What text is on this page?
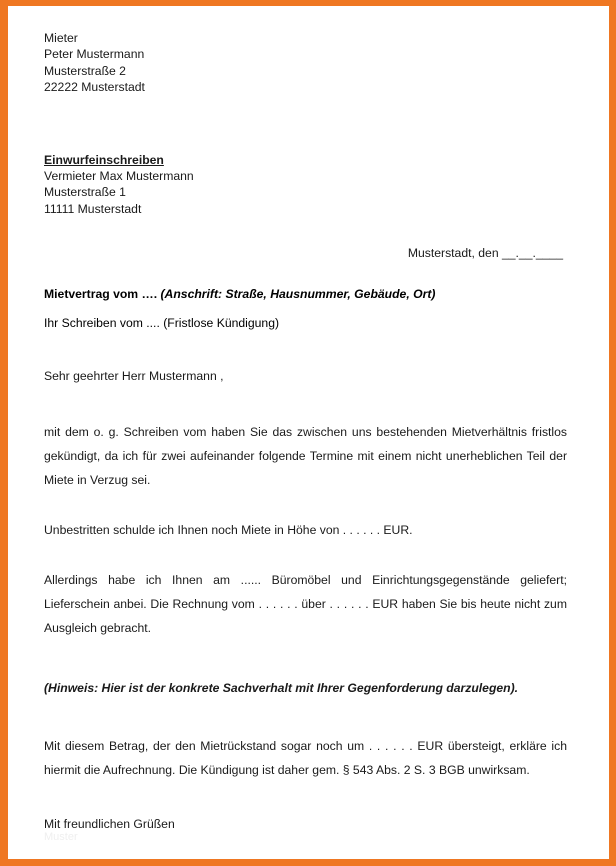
Mieter
Peter Mustermann
Musterstraße 2
22222 Musterstadt
Einwurfeinschreiben
Vermieter Max Mustermann
Musterstraße 1
11111 Musterstadt
Musterstadt, den __.__.____
Mietvertrag vom …. (Anschrift: Straße, Hausnummer, Gebäude, Ort)
Ihr Schreiben vom .... (Fristlose Kündigung)
Sehr geehrter Herr Mustermann ,
mit dem o. g. Schreiben vom haben Sie das zwischen uns bestehenden Mietverhältnis fristlos gekündigt, da ich für zwei aufeinander folgende Termine mit einem nicht unerheblichen Teil der Miete in Verzug sei.
Unbestritten schulde ich Ihnen noch Miete in Höhe von . . . . . . EUR.
Allerdings habe ich Ihnen am ...... Büromöbel und Einrichtungsgegenstände geliefert; Lieferschein anbei. Die Rechnung vom . . . . . . über . . . . . . EUR haben Sie bis heute nicht zum Ausgleich gebracht.
(Hinweis: Hier ist der konkrete Sachverhalt mit Ihrer Gegenforderung darzulegen).
Mit diesem Betrag, der den Mietrückstand sogar noch um . . . . . . EUR übersteigt, erkläre ich hiermit die Aufrechnung. Die Kündigung ist daher gem. § 543 Abs. 2 S. 3 BGB unwirksam.
Mit freundlichen Grüßen
Muster
